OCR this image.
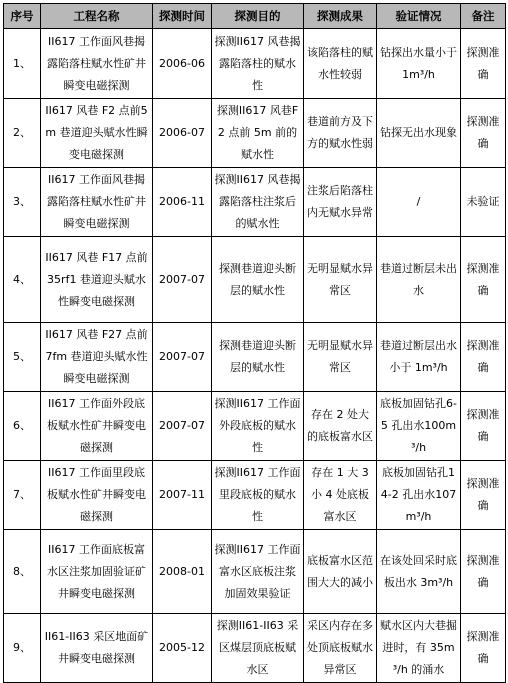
序号	工程名称	探测时间	探测目的	探测成果	验证情况	备注
1、	II617 工作面风巷揭露陷落柱赋水性矿井瞬变电磁探测	2006-06	探测II617 风巷揭露陷落柱的赋水性	该陷落柱的赋水性较弱	钻探出水量小于 1m³/h	探测准确
2、	II617 风巷 F2 点前5m 巷道迎头赋水性瞬变电磁探测	2006-07	探测II617 风巷F2 点前 5m 前的赋水性	巷道前方及下方的赋水性弱	钻探无出水现象	探测准确
3、	II617 工作面风巷揭露陷落柱赋水性矿井瞬变电磁探测	2006-11	探测II617 风巷揭露陷落柱注浆后的赋水性	注浆后陷落柱内无赋水异常	/	未验证
4、	II617 风巷 F17 点前 35rf1 巷道迎头赋水性瞬变电磁探测	2007-07	探测巷道迎头断层的赋水性	无明显赋水异常区	巷道过断层未出水	探测准确
5、	II617 风巷 F27 点前7fm 巷道迎头赋水性瞬变电磁探测	2007-07	探测巷道迎头断层的赋水性	无明显赋水异常区	巷道过断层出水小于 1m³/h	探测准确
6、	II617 工作面外段底板赋水性矿井瞬变电磁探测	2007-07	探测II617 工作面外段底板的赋水性	存在 2 处大的底板富水区	底板加固钻孔6-5 孔出水100m³/h	探测准确
7、	II617 工作面里段底板赋水性矿井瞬变电磁探测	2007-11	探测II617 工作面里段底板的赋水性	存在 1 大 3 小 4 处底板富水区	底板加固钻孔14-2 孔出水107m³/h	探测准确
8、	II617 工作面底板富水区注浆加固验证矿井瞬变电磁探测	2008-01	探测II617 工作面富水区底板注浆加固效果验证	底板富水区范围大大的减小	在该处回采时底板出水 3m³/h	探测准确
9、	II61-II63 采区地面矿井瞬变电磁探测	2005-12	探测II61-II63 采区煤层顶底板赋水区	采区内存在多处顶底板赋水异常区	赋水区内大巷掘进时，有 35m³/h 的涌水	探测准确
